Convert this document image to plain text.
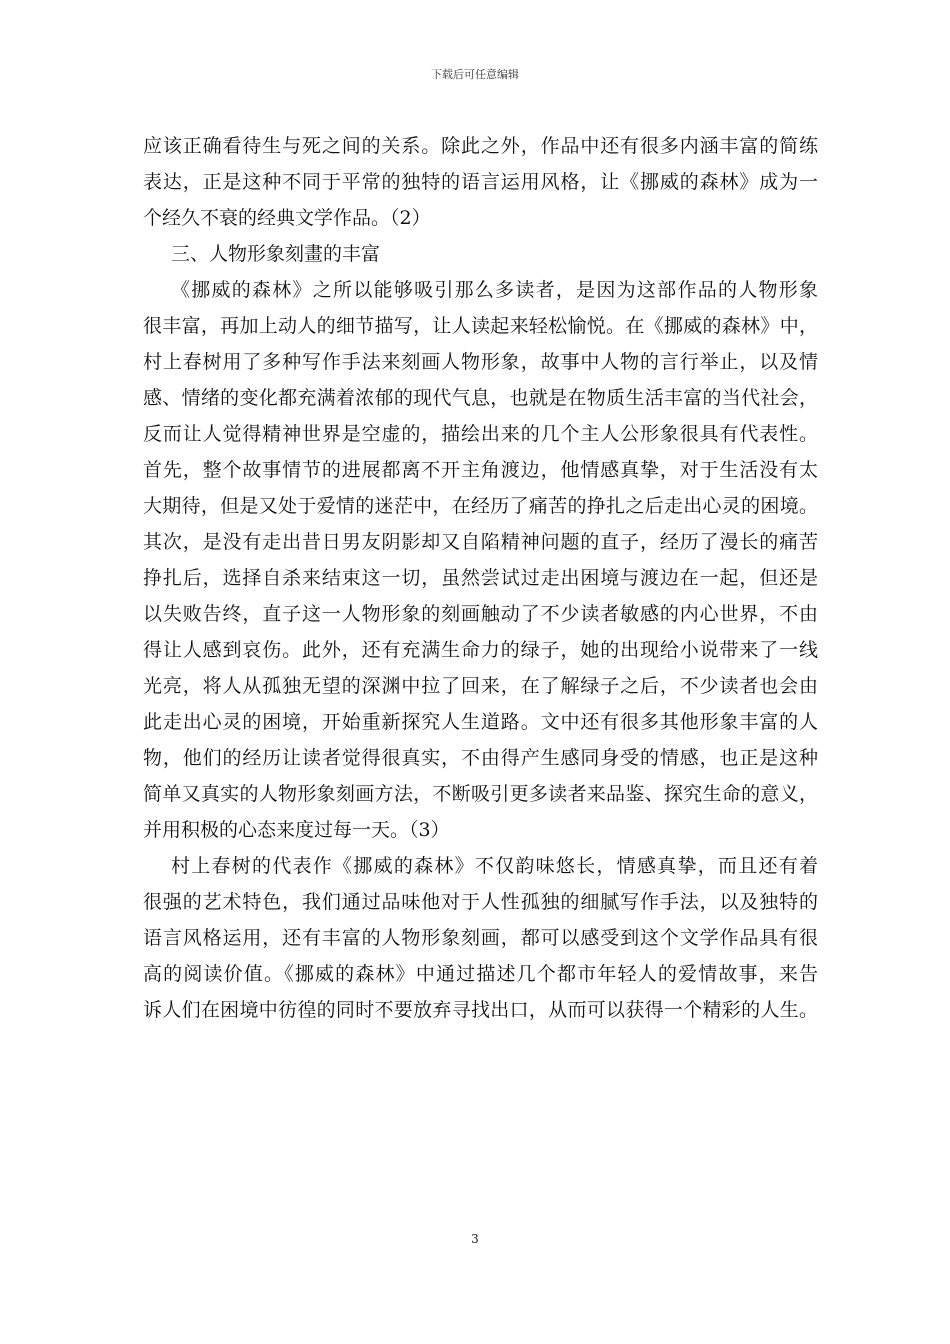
下载后可任意编辑
应该正确看待生与死之间的关系。除此之外，作品中还有很多内涵丰富的简练
表达，正是这种不同于平常的独特的语言运用风格，让《挪威的森林》成为一
个经久不衰的经典文学作品。（2）
三、人物形象刻畫的丰富
《挪威的森林》之所以能够吸引那么多读者，是因为这部作品的人物形象
很丰富，再加上动人的细节描写，让人读起来轻松愉悦。在《挪威的森林》中，
村上春树用了多种写作手法来刻画人物形象，故事中人物的言行举止，以及情
感、情绪的变化都充满着浓郁的现代气息，也就是在物质生活丰富的当代社会，
反而让人觉得精神世界是空虚的，描绘出来的几个主人公形象很具有代表性。
首先，整个故事情节的进展都离不开主角渡边，他情感真挚，对于生活没有太
大期待，但是又处于爱情的迷茫中，在经历了痛苦的挣扎之后走出心灵的困境。
其次，是没有走出昔日男友阴影却又自陷精神问题的直子，经历了漫长的痛苦
挣扎后，选择自杀来结束这一切，虽然尝试过走出困境与渡边在一起，但还是
以失败告终，直子这一人物形象的刻画触动了不少读者敏感的内心世界，不由
得让人感到哀伤。此外，还有充满生命力的绿子，她的出现给小说带来了一线
光亮，将人从孤独无望的深渊中拉了回来，在了解绿子之后，不少读者也会由
此走出心灵的困境，开始重新探究人生道路。文中还有很多其他形象丰富的人
物，他们的经历让读者觉得很真实，不由得产生感同身受的情感，也正是这种
简单又真实的人物形象刻画方法，不断吸引更多读者来品鉴、探究生命的意义，
并用积极的心态来度过每一天。（3）
村上春树的代表作《挪威的森林》不仅韵味悠长，情感真挚，而且还有着
很强的艺术特色，我们通过品味他对于人性孤独的细腻写作手法，以及独特的
语言风格运用，还有丰富的人物形象刻画，都可以感受到这个文学作品具有很
高的阅读价值。《挪威的森林》中通过描述几个都市年轻人的爱情故事，来告
诉人们在困境中彷徨的同时不要放弃寻找出口，从而可以获得一个精彩的人生。
3
